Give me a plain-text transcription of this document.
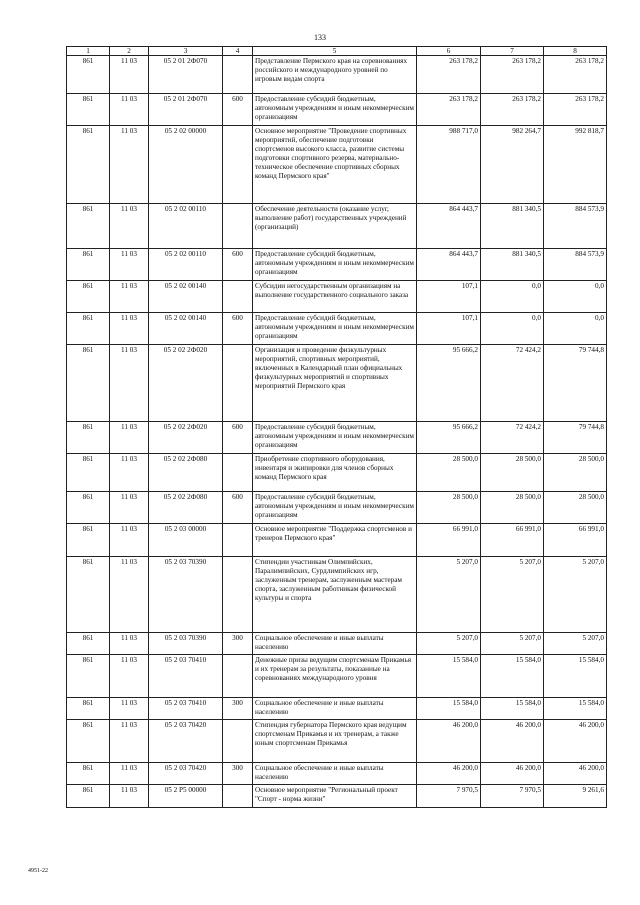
133
1	2	3	4	5	6	7	8
861	11 03	05 2 01 2Ф070		Представление Пермского края на соревнованиях российского и международного уровней по игровым видам спорта	263 178,2	263 178,2	263 178,2
861	11 03	05 2 01 2Ф070	600	Предоставление субсидий бюджетным, автономным учреждениям и иным некоммерческим организациям	263 178,2	263 178,2	263 178,2
861	11 03	05 2 02 00000		Основное мероприятие "Проведение спортивных мероприятий, обеспечение подготовки спортсменов высокого класса, развитие системы подготовки спортивного резерва, материально-техническое обеспечение спортивных сборных команд Пермского края"	988 717,0	982 264,7	992 818,7
861	11 03	05 2 02 00110		Обеспечение деятельности (оказание услуг, выполнение работ) государственных учреждений (организаций)	864 443,7	881 340,5	884 573,9
861	11 03	05 2 02 00110	600	Предоставление субсидий бюджетным, автономным учреждениям и иным некоммерческим организациям	864 443,7	881 340,5	884 573,9
861	11 03	05 2 02 00140		Субсидии негосударственным организациям на выполнение государственного социального заказа	107,1	0,0	0,0
861	11 03	05 2 02 00140	600	Предоставление субсидий бюджетным, автономным учреждениям и иным некоммерческим организациям	107,1	0,0	0,0
861	11 03	05 2 02 2Ф020		Организация и проведение физкультурных мероприятий, спортивных мероприятий, включенных в Календарный план официальных физкультурных мероприятий и спортивных мероприятий Пермского края	95 666,2	72 424,2	79 744,8
861	11 03	05 2 02 2Ф020	600	Предоставление субсидий бюджетным, автономным учреждениям и иным некоммерческим организациям	95 666,2	72 424,2	79 744,8
861	11 03	05 2 02 2Ф080		Приобретение спортивного оборудования, инвентаря и экипировки для членов сборных команд Пермского края	28 500,0	28 500,0	28 500,0
861	11 03	05 2 02 2Ф080	600	Предоставление субсидий бюджетным, автономным учреждениям и иным некоммерческим организациям	28 500,0	28 500,0	28 500,0
861	11 03	05 2 03 00000		Основное мероприятие "Поддержка спортсменов и тренеров Пермского края"	66 991,0	66 991,0	66 991,0
861	11 03	05 2 03 70390		Стипендии участникам Олимпийских, Паралимпийских, Сурдлимпийских игр, заслуженным тренерам, заслуженным мастерам спорта, заслуженным работникам физической культуры и спорта	5 207,0	5 207,0	5 207,0
861	11 03	05 2 03 70390	300	Социальное обеспечение и иные выплаты населению	5 207,0	5 207,0	5 207,0
861	11 03	05 2 03 70410		Денежные призы ведущим спортсменам Прикамья и их тренерам за результаты, показанные на соревнованиях международного уровня	15 584,0	15 584,0	15 584,0
861	11 03	05 2 03 70410	300	Социальное обеспечение и иные выплаты населению	15 584,0	15 584,0	15 584,0
861	11 03	05 2 03 70420		Стипендия губернатора Пермского края ведущим спортсменам Прикамья и их тренерам, а также юным спортсменам Прикамья	46 200,0	46 200,0	46 200,0
861	11 03	05 2 03 70420	300	Социальное обеспечение и иные выплаты населению	46 200,0	46 200,0	46 200,0
861	11 03	05 2 P5 00000		Основное мероприятие "Региональный проект "Спорт - норма жизни"	7 970,5	7 970,5	9 261,6
4951-22
